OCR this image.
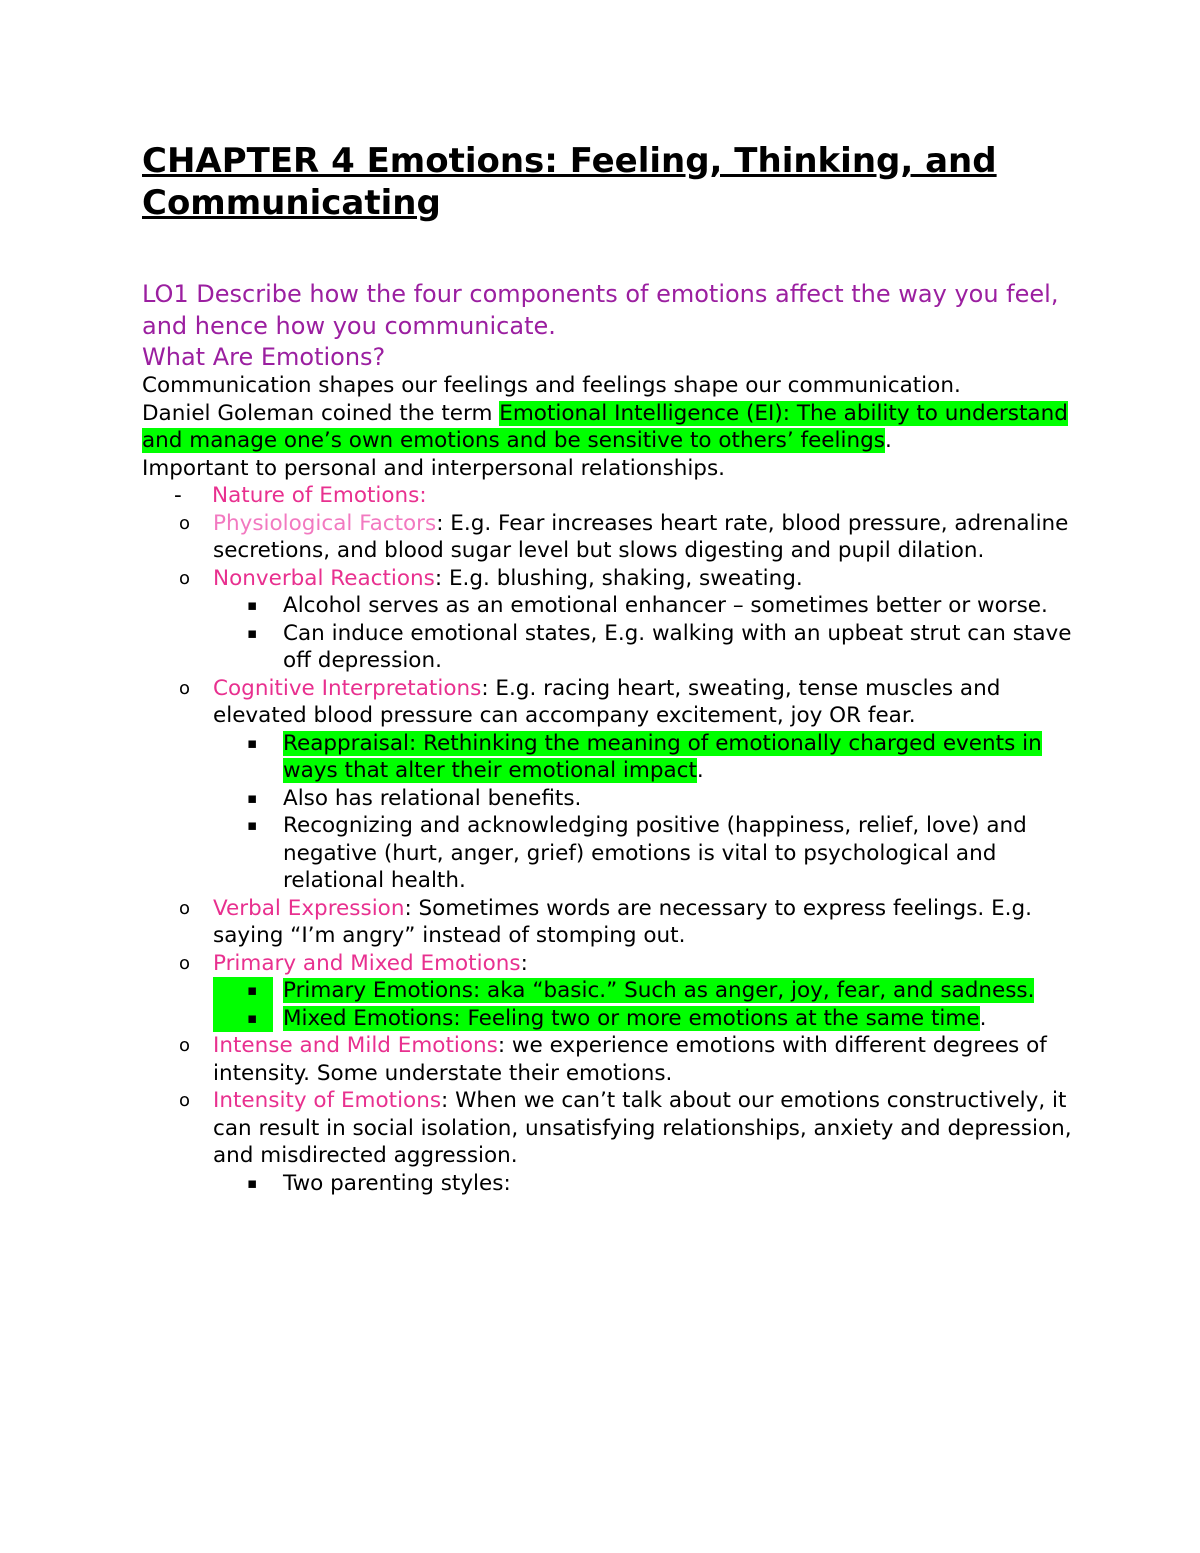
CHAPTER 4 Emotions: Feeling, Thinking, and Communicating
LO1 Describe how the four components of emotions affect the way you feel, and hence how you communicate.
What Are Emotions?
Communication shapes our feelings and feelings shape our communication.
Daniel Goleman coined the term Emotional Intelligence (EI): The ability to understand and manage one’s own emotions and be sensitive to others’ feelings.
Important to personal and interpersonal relationships.
- Nature of Emotions:
o Physiological Factors: E.g. Fear increases heart rate, blood pressure, adrenaline secretions, and blood sugar level but slows digesting and pupil dilation.
o Nonverbal Reactions: E.g. blushing, shaking, sweating.
▪ Alcohol serves as an emotional enhancer – sometimes better or worse.
▪ Can induce emotional states, E.g. walking with an upbeat strut can stave off depression.
o Cognitive Interpretations: E.g. racing heart, sweating, tense muscles and elevated blood pressure can accompany excitement, joy OR fear.
▪ Reappraisal: Rethinking the meaning of emotionally charged events in ways that alter their emotional impact.
▪ Also has relational benefits.
▪ Recognizing and acknowledging positive (happiness, relief, love) and negative (hurt, anger, grief) emotions is vital to psychological and relational health.
o Verbal Expression: Sometimes words are necessary to express feelings. E.g. saying “I’m angry” instead of stomping out.
o Primary and Mixed Emotions:
▪	Primary Emotions: aka “basic.” Such as anger, joy, fear, and sadness.
▪	Mixed Emotions: Feeling two or more emotions at the same time.
o Intense and Mild Emotions: we experience emotions with different degrees of intensity. Some understate their emotions.
o Intensity of Emotions: When we can’t talk about our emotions constructively, it can result in social isolation, unsatisfying relationships, anxiety and depression, and misdirected aggression.
▪ Two parenting styles:
